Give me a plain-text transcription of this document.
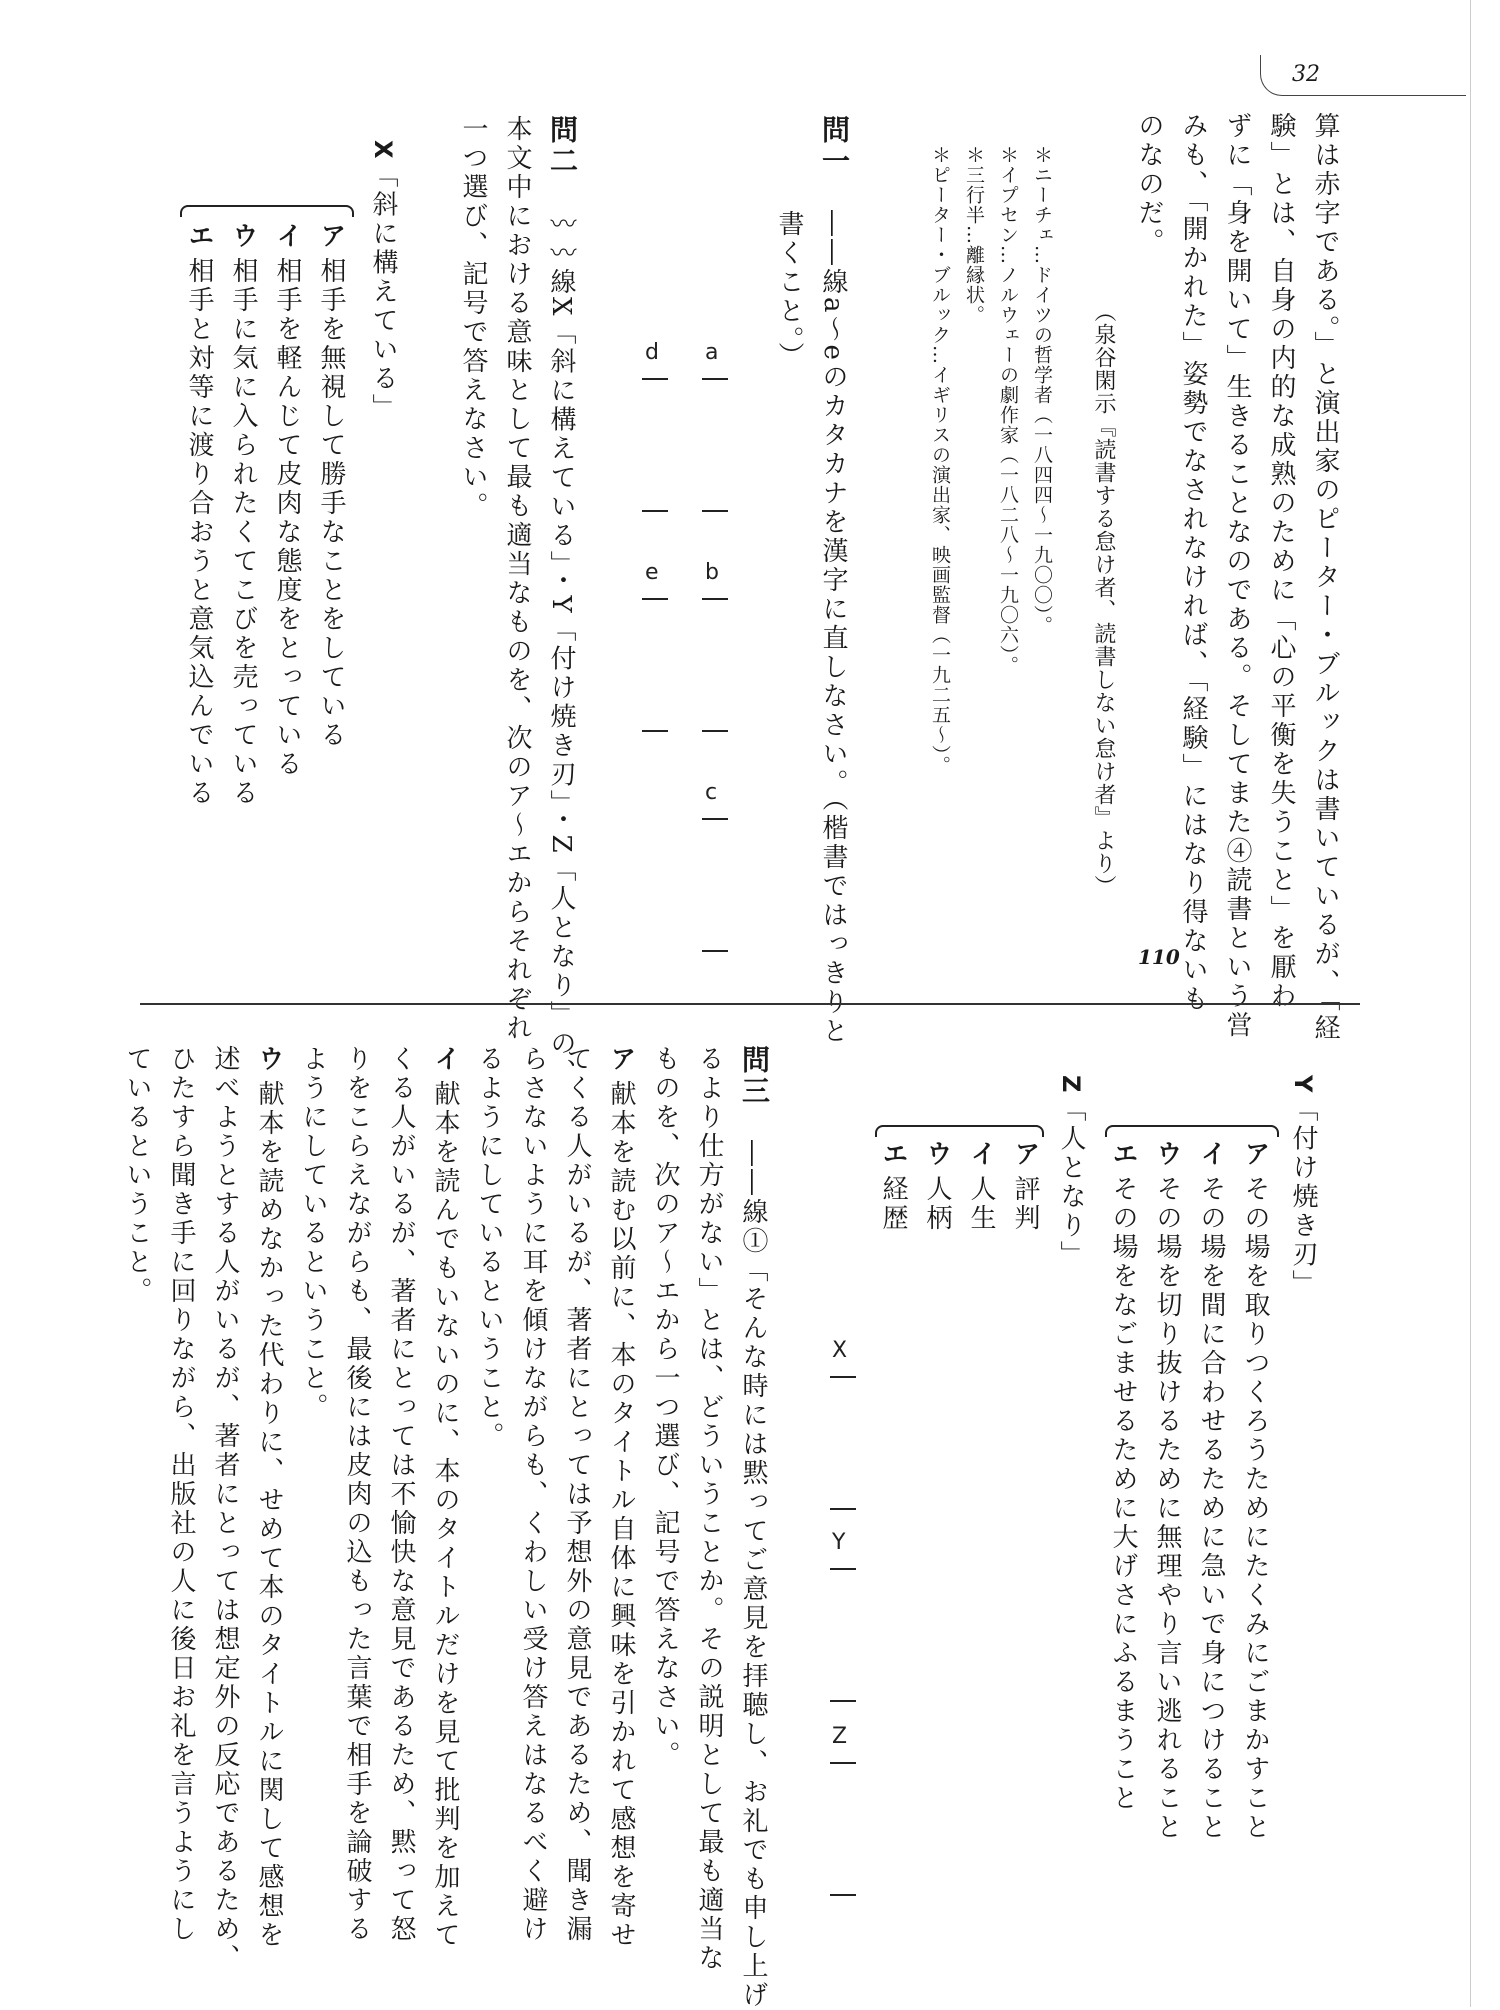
32
算は赤字である。」と演出家のピーター・ブルックは書いているが、「経
験」とは、自身の内的な成熟のために「心の平衡を失うこと」を厭わ
ずに「身を開いて」生きることなのである。そしてまた④読書という営
みも、「開かれた」姿勢でなされなければ、「経験」にはなり得ないも
のなのだ。
（泉谷閑示『読書する怠け者、読書しない怠け者』より）
110
＊ニーチェ…ドイツの哲学者（一八四四〜一九〇〇）。
＊イプセン…ノルウェーの劇作家（一八二八〜一九〇六）。
＊三行半…離縁状。
＊ピーター・ブルック…イギリスの演出家、映画監督（一九二五〜）。
問一
――線a〜eのカタカナを漢字に直しなさい。（楷書ではっきりと
書くこと。）
a
b
c
d
e
問二
〰〰線X「斜に構えている」・Y「付け焼き刃」・Z「人となり」の、
本文中における意味として最も適当なものを、次のア〜エからそれぞれ
一つ選び、記号で答えなさい。
X「斜に構えている」
ア相手を無視して勝手なことをしている
イ相手を軽んじて皮肉な態度をとっている
ウ相手に気に入られたくてこびを売っている
エ相手と対等に渡り合おうと意気込んでいる
Y「付け焼き刃」
アその場を取りつくろうためにたくみにごまかすこと
イその場を間に合わせるために急いで身につけること
ウその場を切り抜けるために無理やり言い逃れること
エその場をなごませるために大げさにふるまうこと
Z「人となり」
ア評判
イ人生
ウ人柄
エ経歴
X
Y
Z
問三
――線①「そんな時には黙ってご意見を拝聴し、お礼でも申し上げ
るより仕方がない」とは、どういうことか。その説明として最も適当な
ものを、次のア〜エから一つ選び、記号で答えなさい。
ア献本を読む以前に、本のタイトル自体に興味を引かれて感想を寄せ
てくる人がいるが、著者にとっては予想外の意見であるため、聞き漏
らさないように耳を傾けながらも、くわしい受け答えはなるべく避け
るようにしているということ。
イ献本を読んでもいないのに、本のタイトルだけを見て批判を加えて
くる人がいるが、著者にとっては不愉快な意見であるため、黙って怒
りをこらえながらも、最後には皮肉の込もった言葉で相手を論破する
ようにしているということ。
ウ献本を読めなかった代わりに、せめて本のタイトルに関して感想を
述べようとする人がいるが、著者にとっては想定外の反応であるため、
ひたすら聞き手に回りながら、出版社の人に後日お礼を言うようにし
ているということ。
